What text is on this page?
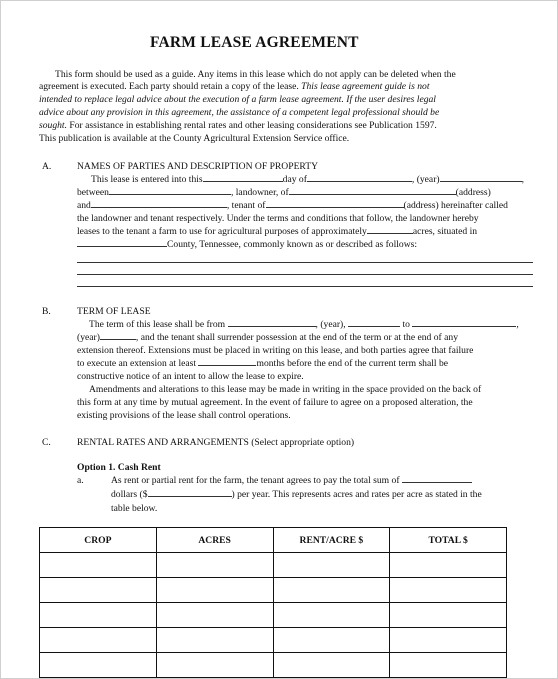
FARM LEASE AGREEMENT
This form should be used as a guide. Any items in this lease which do not apply can be deleted when the
agreement is executed. Each party should retain a copy of the lease. This lease agreement guide is not
intended to replace legal advice about the execution of a farm lease agreement. If the user desires legal
advice about any provision in this agreement, the assistance of a competent legal professional should be
sought. For assistance in establishing rental rates and other leasing considerations see Publication 1597.
This publication is available at the County Agricultural Extension Service office.
A.	NAMES OF PARTIES AND DESCRIPTION OF PROPERTY
This lease is entered into this	day of	, (year)	,
between	, landowner, of	(address)
and	, tenant of	(address) hereinafter called
the landowner and tenant respectively. Under the terms and conditions that follow, the landowner hereby
leases to the tenant a farm to use for agricultural purposes of approximately	acres, situated in
County, Tennessee, commonly known as or described as follows:
B.	TERM OF LEASE
The term of this lease shall be from	, (year),	to	,
(year)	, and the tenant shall surrender possession at the end of the term or at the end of any
extension thereof. Extensions must be placed in writing on this lease, and both parties agree that failure
to execute an extension at least	months before the end of the current term shall be
constructive notice of an intent to allow the lease to expire.
Amendments and alterations to this lease may be made in writing in the space provided on the back of
this form at any time by mutual agreement. In the event of failure to agree on a proposed alteration, the
existing provisions of the lease shall control operations.
C.	RENTAL RATES AND ARRANGEMENTS (Select appropriate option)
Option 1. Cash Rent
a.	As rent or partial rent for the farm, the tenant agrees to pay the total sum of
dollars ($	) per year. This represents acres and rates per acre as stated in the
table below.
CROP	ACRES	RENT/ACRE $	TOTAL $
